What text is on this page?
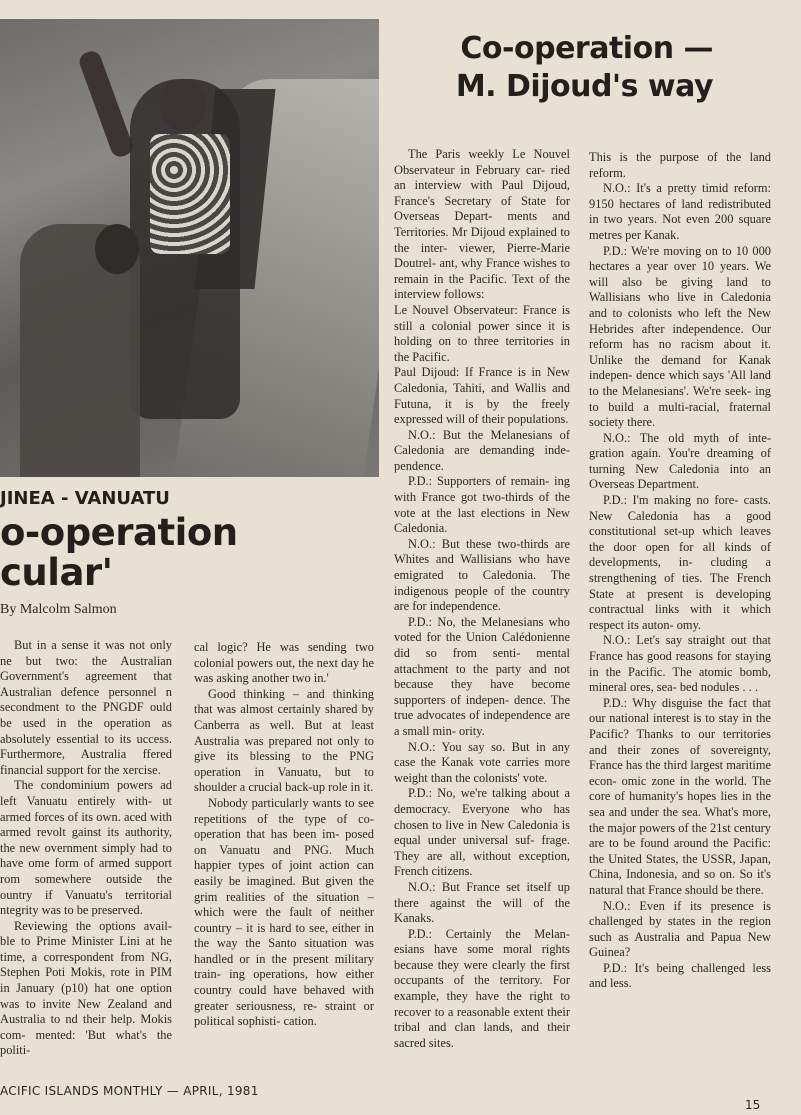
Co-operation —
M. Dijoud's way

JINEA - VANUATU

o-operation
cular'

By Malcolm Salmon

But in a sense it was not only ne but two: the Australian Government's agreement that Australian defence personnel n secondment to the PNGDF ould be used in the operation as absolutely essential to its uccess. Furthermore, Australia ffered financial support for the xercise.

The condominium powers ad left Vanuatu entirely with- ut armed forces of its own. aced with armed revolt gainst its authority, the new overnment simply had to have ome form of armed support rom somewhere outside the ountry if Vanuatu's territorial ntegrity was to be preserved.

Reviewing the options avail- ble to Prime Minister Lini at he time, a correspondent from NG, Stephen Poti Mokis, rote in PIM in January (p10) hat one option was to invite New Zealand and Australia to nd their help. Mokis com- mented: 'But what's the politi-

cal logic? He was sending two colonial powers out, the next day he was asking another two in.'

Good thinking – and thinking that was almost certainly shared by Canberra as well. But at least Australia was prepared not only to give its blessing to the PNG operation in Vanuatu, but to shoulder a crucial back-up role in it.

Nobody particularly wants to see repetitions of the type of co-operation that has been im- posed on Vanuatu and PNG. Much happier types of joint action can easily be imagined. But given the grim realities of the situation – which were the fault of neither country – it is hard to see, either in the way the Santo situation was handled or in the present military train- ing operations, how either country could have behaved with greater seriousness, re- straint or political sophisti- cation.

The Paris weekly Le Nouvel Observateur in February car- ried an interview with Paul Dijoud, France's Secretary of State for Overseas Depart- ments and Territories. Mr Dijoud explained to the inter- viewer, Pierre-Marie Doutrel- ant, why France wishes to remain in the Pacific. Text of the interview follows:

Le Nouvel Observateur: France is still a colonial power since it is holding on to three territories in the Pacific.

Paul Dijoud: If France is in New Caledonia, Tahiti, and Wallis and Futuna, it is by the freely expressed will of their populations.

N.O.: But the Melanesians of Caledonia are demanding inde- pendence.

P.D.: Supporters of remain- ing with France got two-thirds of the vote at the last elections in New Caledonia.

N.O.: But these two-thirds are Whites and Wallisians who have emigrated to Caledonia. The indigenous people of the country are for independence.

P.D.: No, the Melanesians who voted for the Union Calédonienne did so from senti- mental attachment to the party and not because they have become supporters of indepen- dence. The true advocates of independence are a small min- ority.

N.O.: You say so. But in any case the Kanak vote carries more weight than the colonists' vote.

P.D.: No, we're talking about a democracy. Everyone who has chosen to live in New Caledonia is equal under universal suf- frage. They are all, without exception, French citizens.

N.O.: But France set itself up there against the will of the Kanaks.

P.D.: Certainly the Melan- esians have some moral rights because they were clearly the first occupants of the territory. For example, they have the right to recover to a reasonable extent their tribal and clan lands, and their sacred sites.

This is the purpose of the land reform.

N.O.: It's a pretty timid reform: 9150 hectares of land redistributed in two years. Not even 200 square metres per Kanak.

P.D.: We're moving on to 10 000 hectares a year over 10 years. We will also be giving land to Wallisians who live in Caledonia and to colonists who left the New Hebrides after independence. Our reform has no racism about it. Unlike the demand for Kanak indepen- dence which says 'All land to the Melanesians'. We're seek- ing to build a multi-racial, fraternal society there.

N.O.: The old myth of inte- gration again. You're dreaming of turning New Caledonia into an Overseas Department.

P.D.: I'm making no fore- casts. New Caledonia has a good constitutional set-up which leaves the door open for all kinds of developments, in- cluding a strengthening of ties. The French State at present is developing contractual links with it which respect its auton- omy.

N.O.: Let's say straight out that France has good reasons for staying in the Pacific. The atomic bomb, mineral ores, sea- bed nodules . . .

P.D.: Why disguise the fact that our national interest is to stay in the Pacific? Thanks to our territories and their zones of sovereignty, France has the third largest maritime econ- omic zone in the world. The core of humanity's hopes lies in the sea and under the sea. What's more, the major powers of the 21st century are to be found around the Pacific: the United States, the USSR, Japan, China, Indonesia, and so on. So it's natural that France should be there.

N.O.: Even if its presence is challenged by states in the region such as Australia and Papua New Guinea?

P.D.: It's being challenged less and less.

ACIFIC ISLANDS MONTHLY — APRIL, 1981

15
